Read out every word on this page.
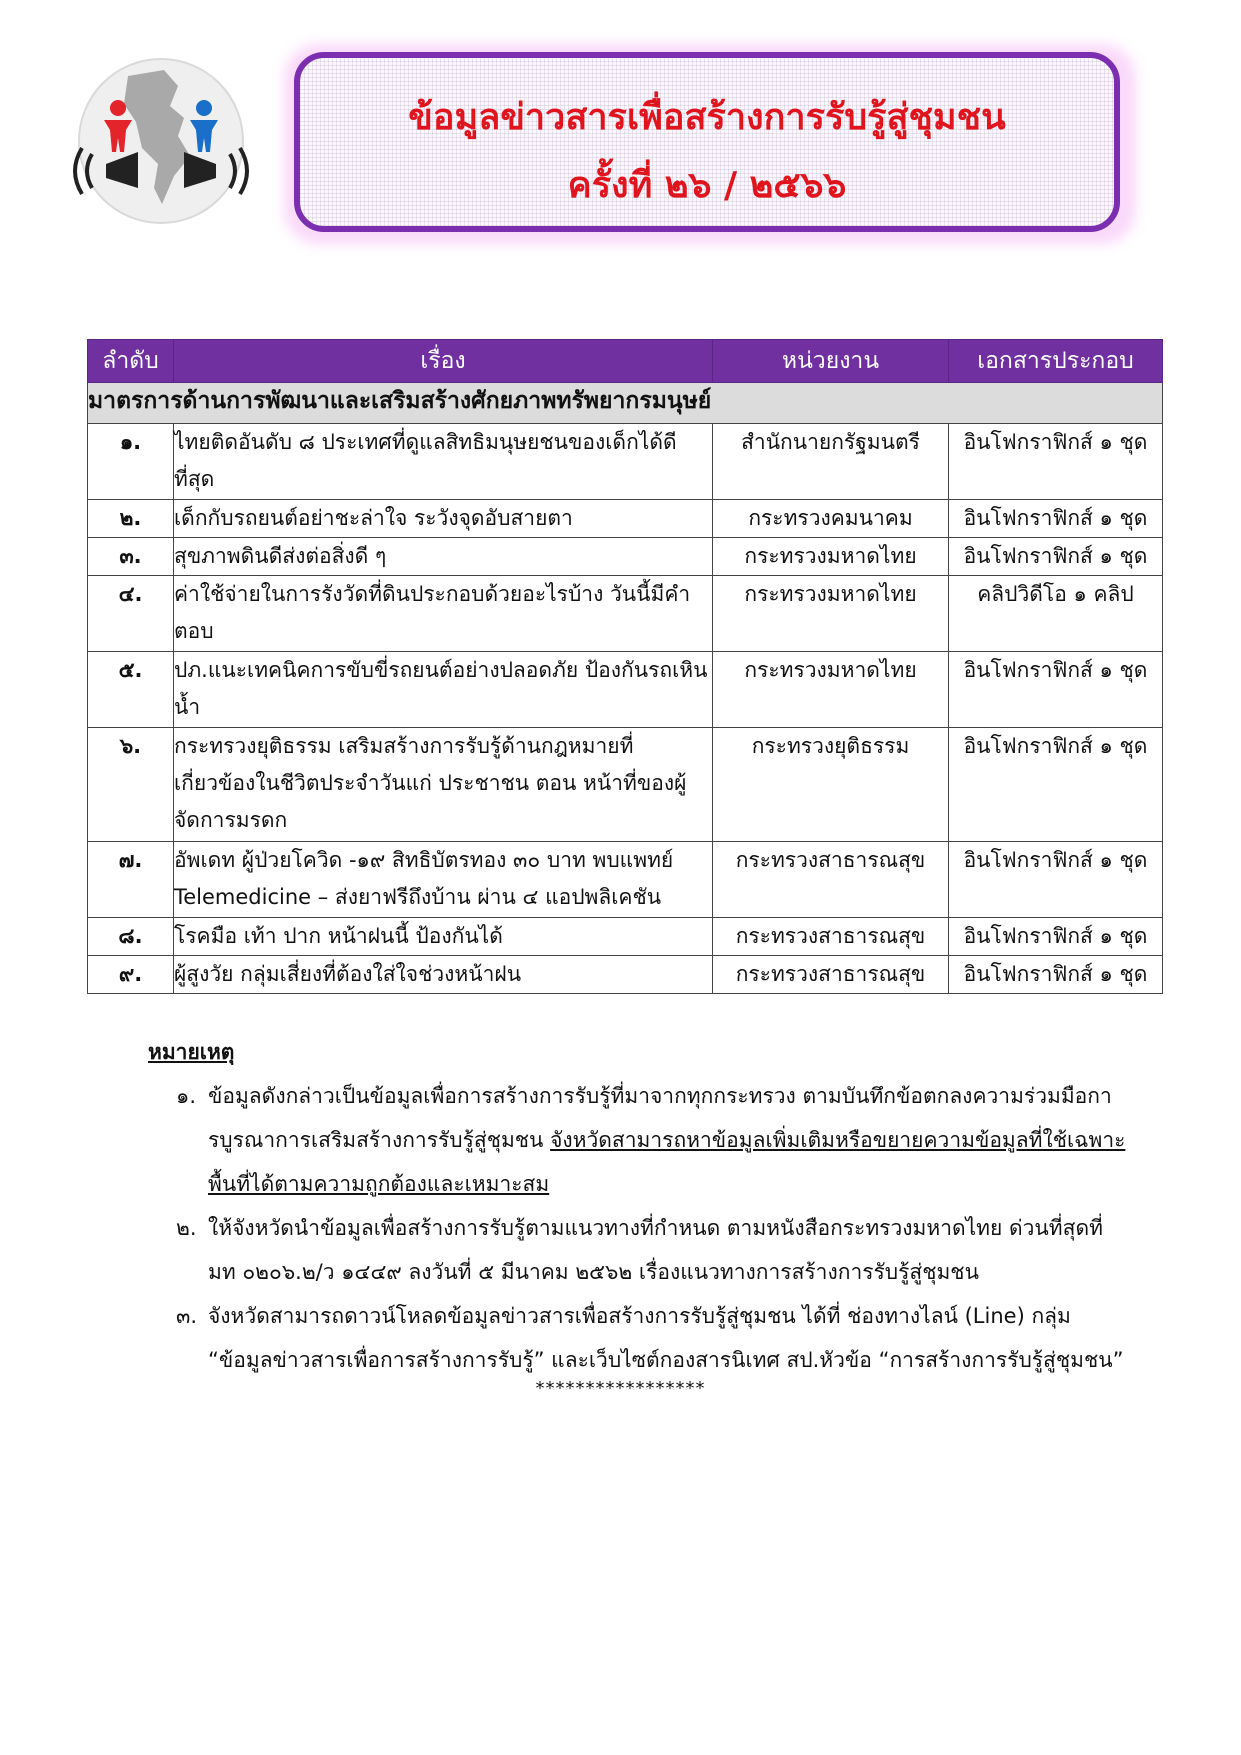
ข้อมูลข่าวสารเพื่อสร้างการรับรู้สู่ชุมชน
ครั้งที่ ๒๖ / ๒๕๖๖
ลำดับ	เรื่อง	หน่วยงาน	เอกสารประกอบ
มาตรการด้านการพัฒนาและเสริมสร้างศักยภาพทรัพยากรมนุษย์			
๑.	ไทยติดอันดับ ๘ ประเทศที่ดูแลสิทธิมนุษยชนของเด็กได้ดีที่สุด	สำนักนายกรัฐมนตรี	อินโฟกราฟิกส์ ๑ ชุด
๒.	เด็กกับรถยนต์อย่าชะล่าใจ ระวังจุดอับสายตา	กระทรวงคมนาคม	อินโฟกราฟิกส์ ๑ ชุด
๓.	สุขภาพดินดีส่งต่อสิ่งดี ๆ	กระทรวงมหาดไทย	อินโฟกราฟิกส์ ๑ ชุด
๔.	ค่าใช้จ่ายในการรังวัดที่ดินประกอบด้วยอะไรบ้าง วันนี้มีคำตอบ	กระทรวงมหาดไทย	คลิปวิดีโอ ๑ คลิป
๕.	ปภ.แนะเทคนิคการขับขี่รถยนต์อย่างปลอดภัย ป้องกันรถเหินน้ำ	กระทรวงมหาดไทย	อินโฟกราฟิกส์ ๑ ชุด
๖.	กระทรวงยุติธรรม เสริมสร้างการรับรู้ด้านกฎหมายที่เกี่ยวข้องในชีวิตประจำวันแก่ ประชาชน ตอน หน้าที่ของผู้จัดการมรดก	กระทรวงยุติธรรม	อินโฟกราฟิกส์ ๑ ชุด
๗.	อัพเดท ผู้ป่วยโควิด -๑๙ สิทธิบัตรทอง ๓๐ บาท พบแพทย์ Telemedicine – ส่งยาฟรีถึงบ้าน ผ่าน ๔ แอปพลิเคชัน	กระทรวงสาธารณสุข	อินโฟกราฟิกส์ ๑ ชุด
๘.	โรคมือ เท้า ปาก หน้าฝนนี้ ป้องกันได้	กระทรวงสาธารณสุข	อินโฟกราฟิกส์ ๑ ชุด
๙.	ผู้สูงวัย กลุ่มเสี่ยงที่ต้องใส่ใจช่วงหน้าฝน	กระทรวงสาธารณสุข	อินโฟกราฟิกส์ ๑ ชุด
หมายเหตุ
๑. ข้อมูลดังกล่าวเป็นข้อมูลเพื่อการสร้างการรับรู้ที่มาจากทุกกระทรวง ตามบันทึกข้อตกลงความร่วมมือการบูรณาการเสริมสร้างการรับรู้สู่ชุมชน จังหวัดสามารถหาข้อมูลเพิ่มเติมหรือขยายความข้อมูลที่ใช้เฉพาะพื้นที่ได้ตามความถูกต้องและเหมาะสม
๒. ให้จังหวัดนำข้อมูลเพื่อสร้างการรับรู้ตามแนวทางที่กำหนด ตามหนังสือกระทรวงมหาดไทย ด่วนที่สุดที่ มท ๐๒๐๖.๒/ว ๑๔๔๙ ลงวันที่ ๕ มีนาคม ๒๕๖๒ เรื่องแนวทางการสร้างการรับรู้สู่ชุมชน
๓. จังหวัดสามารถดาวน์โหลดข้อมูลข่าวสารเพื่อสร้างการรับรู้สู่ชุมชน ได้ที่ ช่องทางไลน์ (Line) กลุ่ม “ข้อมูลข่าวสารเพื่อการสร้างการรับรู้” และเว็บไซต์กองสารนิเทศ สป.หัวข้อ “การสร้างการรับรู้สู่ชุมชน”
*****************
